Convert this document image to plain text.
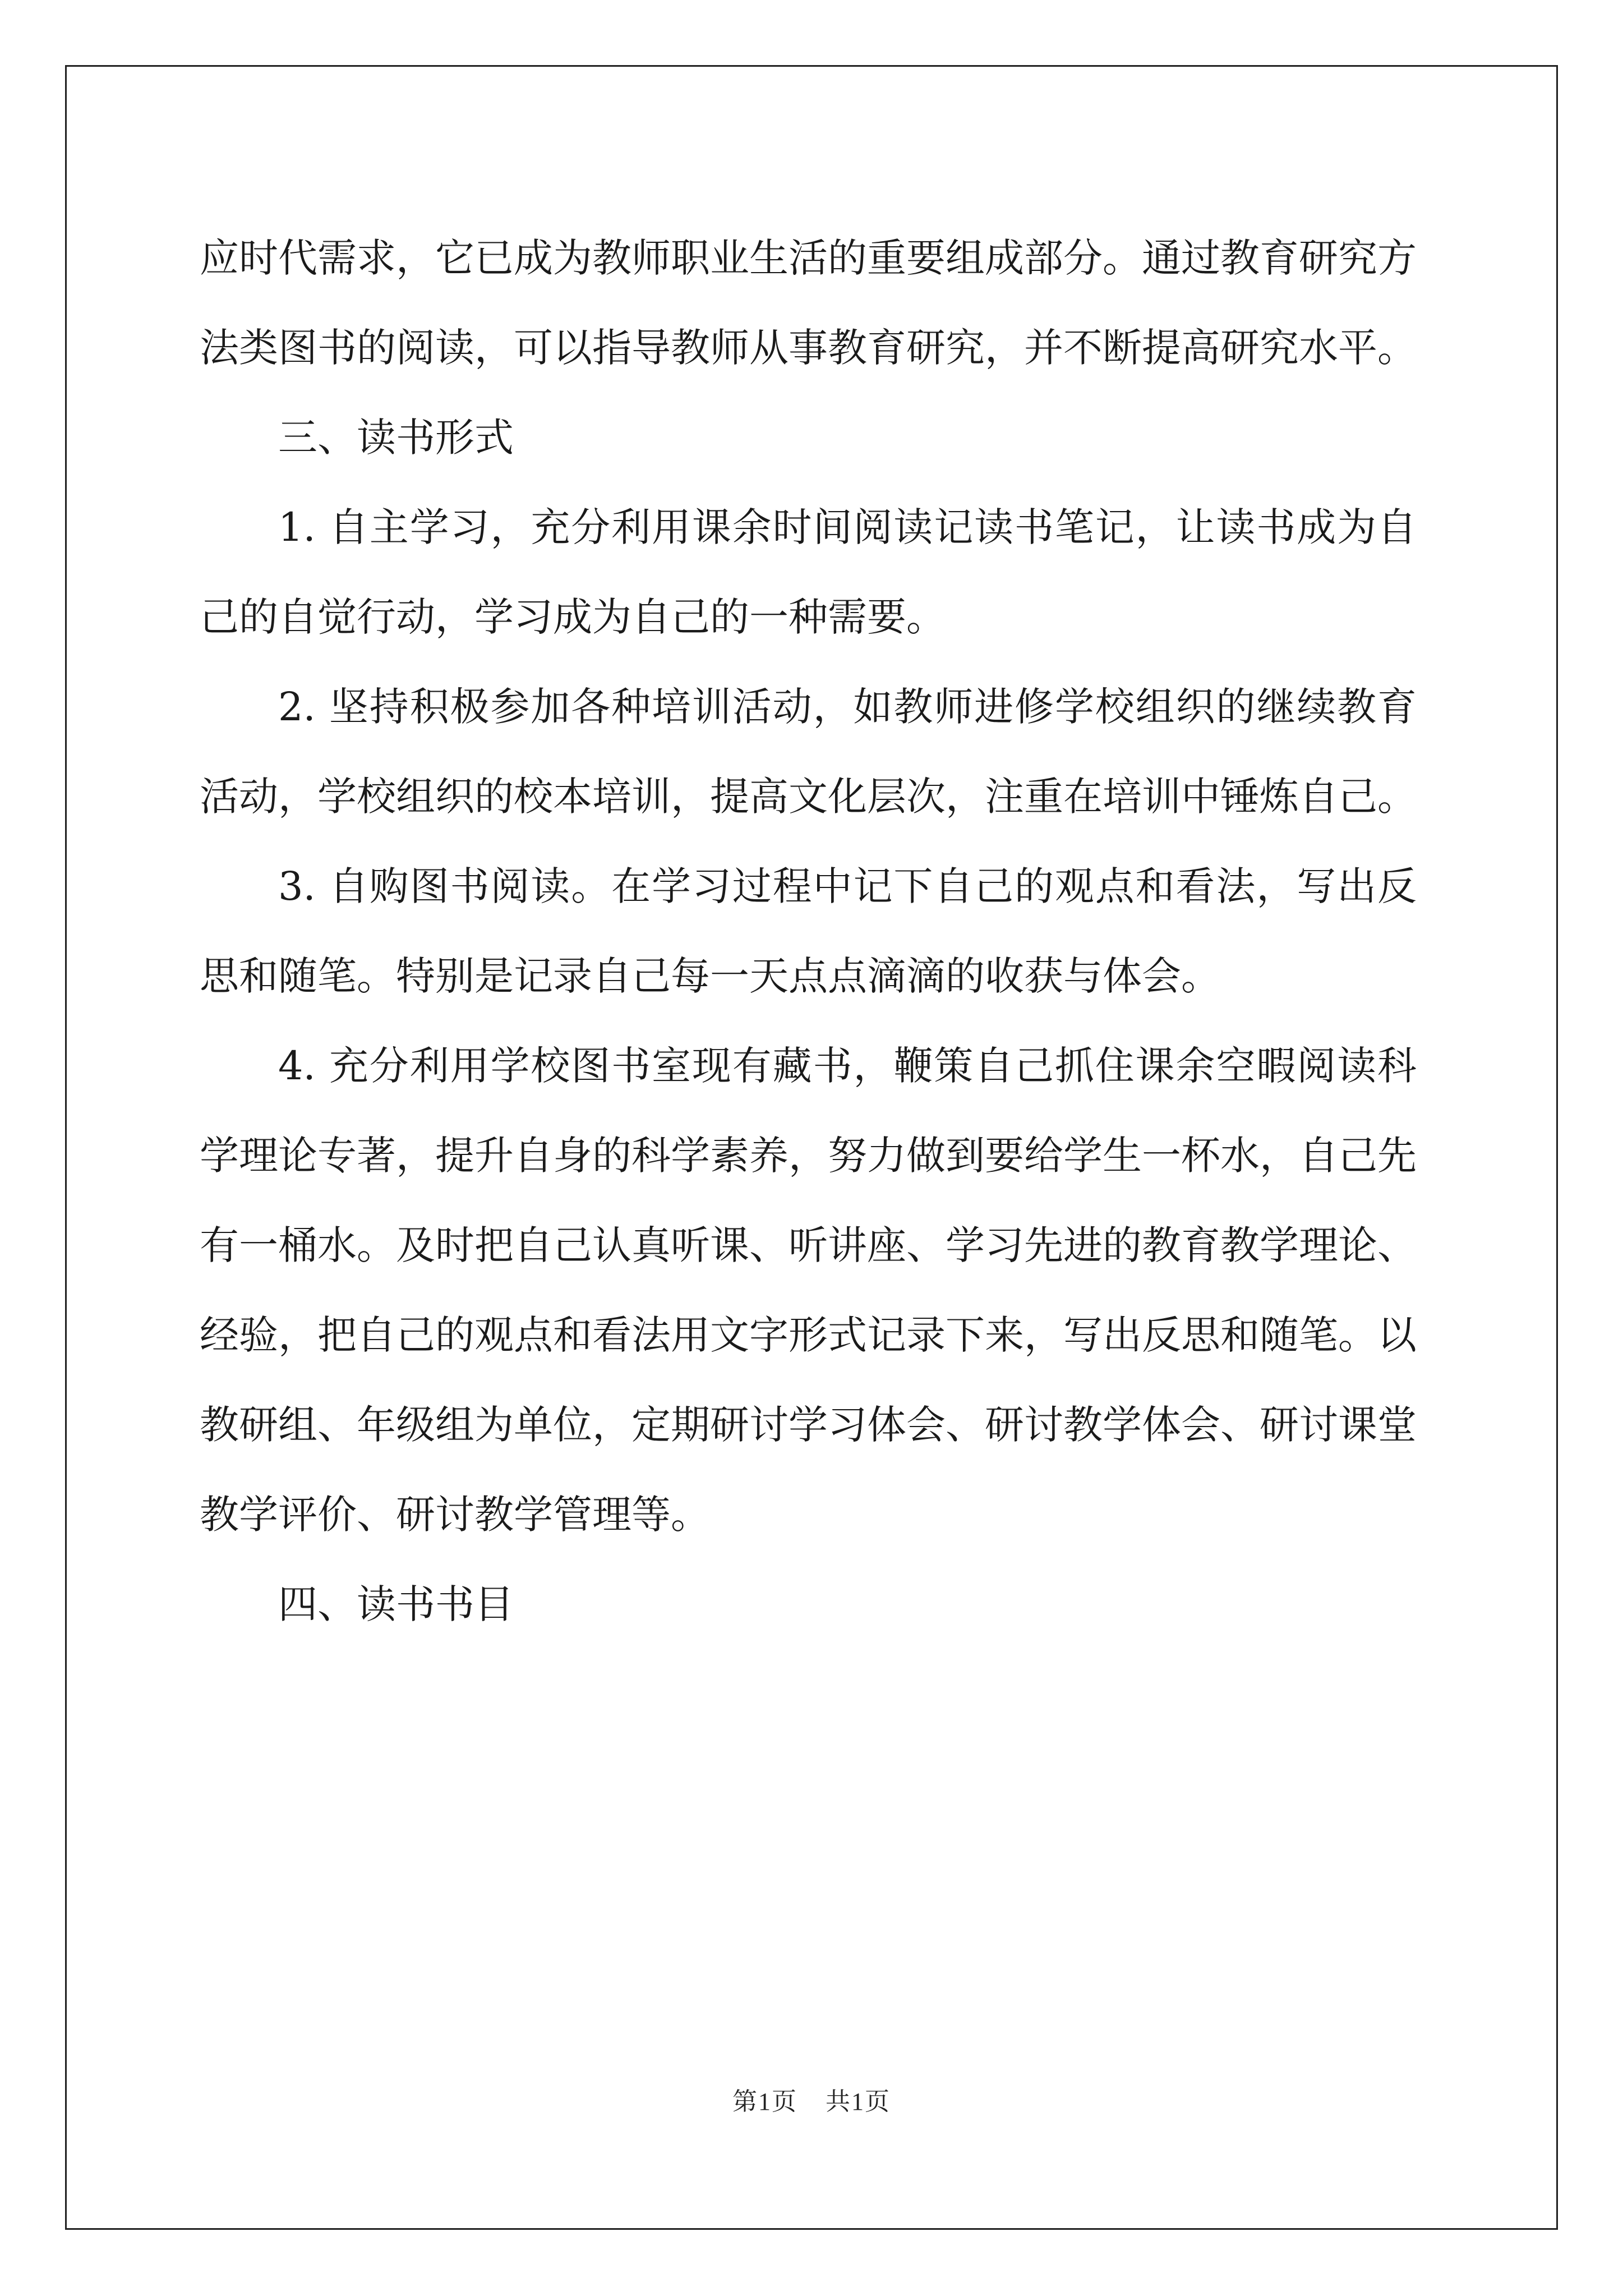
应时代需求，它已成为教师职业生活的重要组成部分。通过教育研究方法类图书的阅读，可以指导教师从事教育研究，并不断提高研究水平。

三、读书形式

1. 自主学习，充分利用课余时间阅读记读书笔记，让读书成为自己的自觉行动，学习成为自己的一种需要。

2. 坚持积极参加各种培训活动，如教师进修学校组织的继续教育活动，学校组织的校本培训，提高文化层次，注重在培训中锤炼自己。

3. 自购图书阅读。在学习过程中记下自己的观点和看法，写出反思和随笔。特别是记录自己每一天点点滴滴的收获与体会。

4. 充分利用学校图书室现有藏书，鞭策自己抓住课余空暇阅读科学理论专著，提升自身的科学素养，努力做到要给学生一杯水，自己先有一桶水。及时把自己认真听课、听讲座、学习先进的教育教学理论、经验，把自己的观点和看法用文字形式记录下来，写出反思和随笔。以教研组、年级组为单位，定期研讨学习体会、研讨教学体会、研讨课堂教学评价、研讨教学管理等。

四、读书书目

第1页 共1页
